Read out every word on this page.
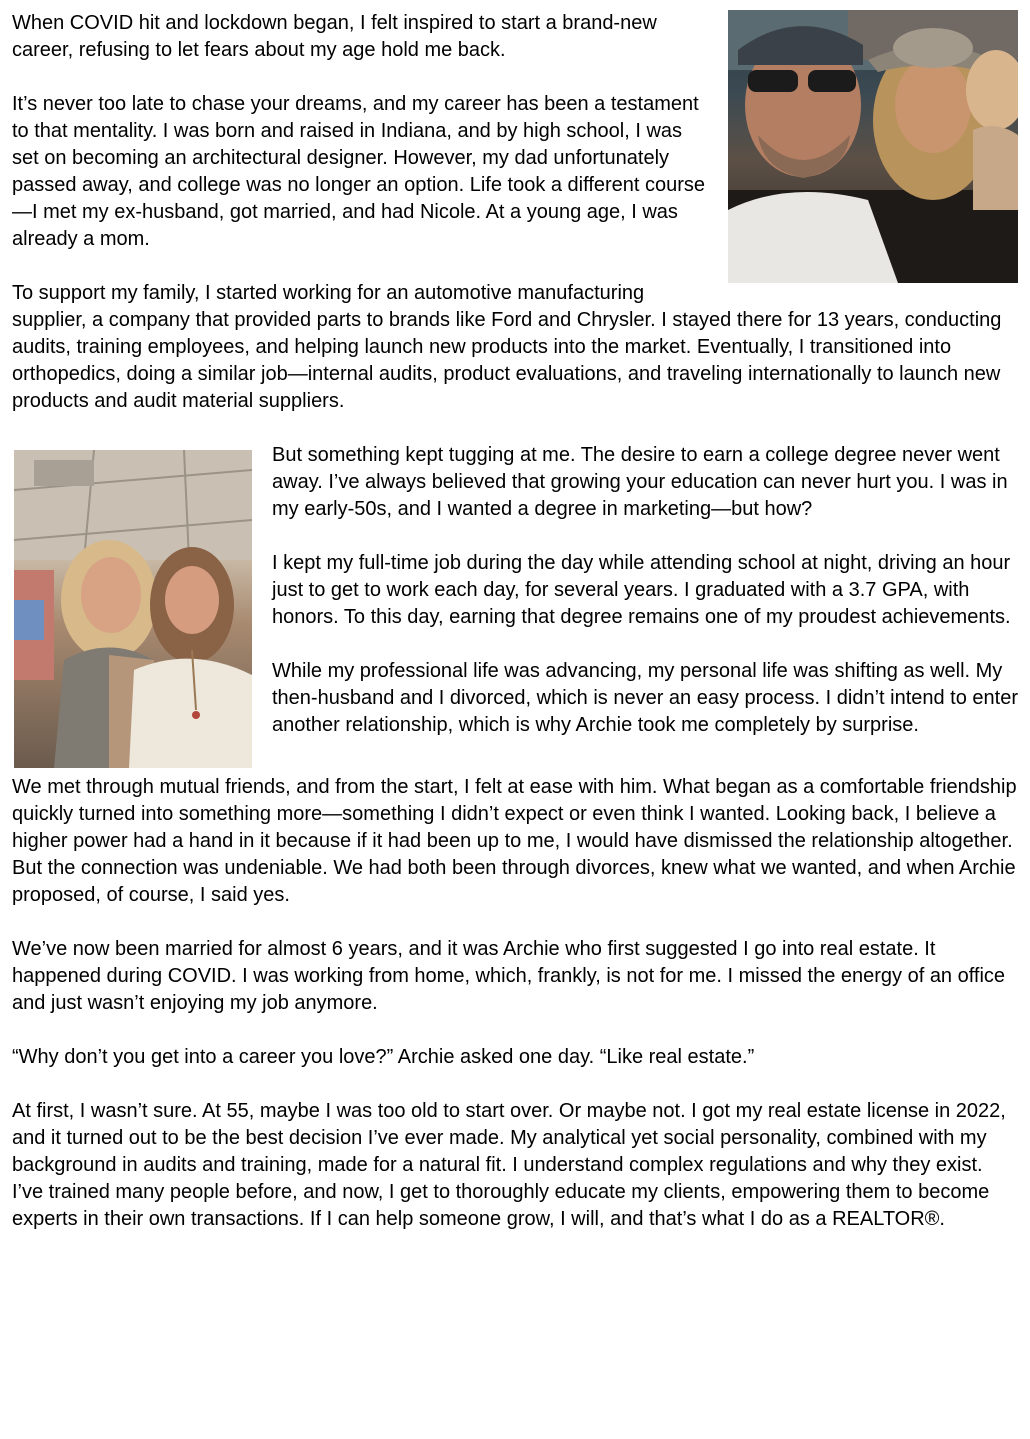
When COVID hit and lockdown began, I felt inspired to start a brand-new career, refusing to let fears about my age hold me back.

It’s never too late to chase your dreams, and my career has been a testament to that mentality. I was born and raised in Indiana, and by high school, I was set on becoming an architectural designer. However, my dad unfortunately passed away, and college was no longer an option. Life took a different course—I met my ex-husband, got married, and had Nicole. At a young age, I was already a mom.

To support my family, I started working for an automotive manufacturing supplier, a company that provided parts to brands like Ford and Chrysler. I stayed there for 13 years, conducting audits, training employees, and helping launch new products into the market. Eventually, I transitioned into orthopedics, doing a similar job—internal audits, product evaluations, and traveling internationally to launch new products and audit material suppliers.

But something kept tugging at me. The desire to earn a college degree never went away. I’ve always believed that growing your education can never hurt you. I was in my early-50s, and I wanted a degree in marketing—but how?

I kept my full-time job during the day while attending school at night, driving an hour just to get to work each day, for several years. I graduated with a 3.7 GPA, with honors. To this day, earning that degree remains one of my proudest achievements.

While my professional life was advancing, my personal life was shifting as well. My then-husband and I divorced, which is never an easy process. I didn’t intend to enter another relationship, which is why Archie took me completely by surprise.

We met through mutual friends, and from the start, I felt at ease with him. What began as a comfortable friendship quickly turned into something more—something I didn’t expect or even think I wanted. Looking back, I believe a higher power had a hand in it because if it had been up to me, I would have dismissed the relationship altogether. But the connection was undeniable. We had both been through divorces, knew what we wanted, and when Archie proposed, of course, I said yes.

We’ve now been married for almost 6 years, and it was Archie who first suggested I go into real estate. It happened during COVID. I was working from home, which, frankly, is not for me. I missed the energy of an office and just wasn’t enjoying my job anymore.

“Why don’t you get into a career you love?” Archie asked one day. “Like real estate.”

At first, I wasn’t sure. At 55, maybe I was too old to start over. Or maybe not. I got my real estate license in 2022, and it turned out to be the best decision I’ve ever made. My analytical yet social personality, combined with my background in audits and training, made for a natural fit. I understand complex regulations and why they exist. I’ve trained many people before, and now, I get to thoroughly educate my clients, empowering them to become experts in their own transactions. If I can help someone grow, I will, and that’s what I do as a REALTOR®.
